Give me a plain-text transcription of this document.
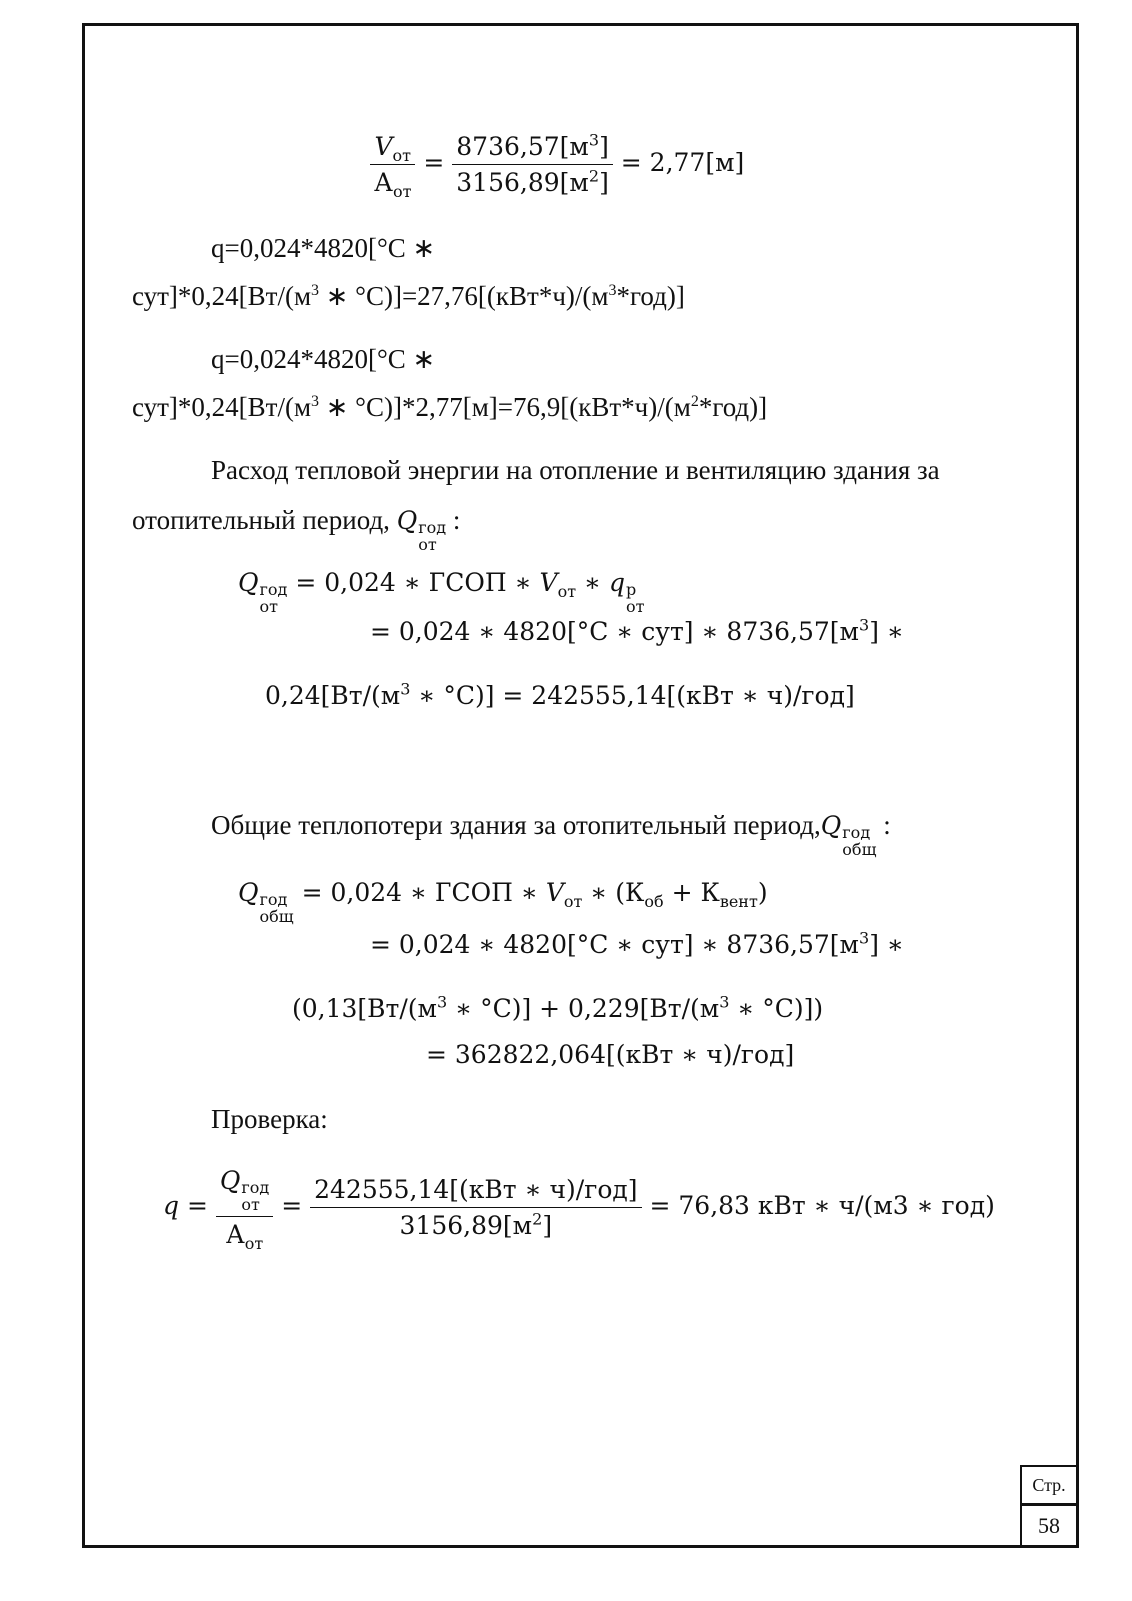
Стр.
58
$\frac{V_{от}}{А_{от}} = \frac{8736,57[м^3]}{3156,89[м^2]} = 2,77[м]$
q=0,024*4820[°С ∗
$сут]*0,24[Вт/(м^3$ ∗ $^\circ С)]=27,76[(кВт*ч)/(м^3*год)]$
q=0,024*4820[°С ∗
$сут]*0,24[Вт/(м^3$ ∗ $^\circ С)]*2,77[м]=76,9[(кВт*ч)/(м^2*год)]$
Расход тепловой энергии на отопление и вентиляцию здания за
отопительный период, Q год
от
:
Q год
от
= 0,024 ∗ ГСОП ∗ $V_{от}$ ∗ q р
от
= 0,024 ∗ 4820[°С ∗ сут] ∗ $8736,57[м^3]$ ∗
$0,24[Вт/(м^3$ ∗ °С)] = 242555,14[(кВт ∗ ч)/год]
Общие теплопотери здания за отопительный период,Q год
общ
:
Q год
общ
= 0,024 ∗ ГСОП ∗ $V_{от}$ ∗ $(К_{об} + К_{вент})$
= 0,024 ∗ 4820[°С ∗ сут] ∗ $8736,57[м^3]$ ∗
($0,13[Вт/(м^3$ ∗ $^\circ С)] + 0,229[Вт/(м^3$ ∗ °С)])
= 362822,064[(кВт ∗ ч)/год]
Проверка:
q = Q год
от
$А_{от} = \frac{\text{242555,14[(кВт ∗ ч)/год]}}{3156,89[м^2]} = 76,83$ кВт ∗ ч/(м3 ∗ год)
